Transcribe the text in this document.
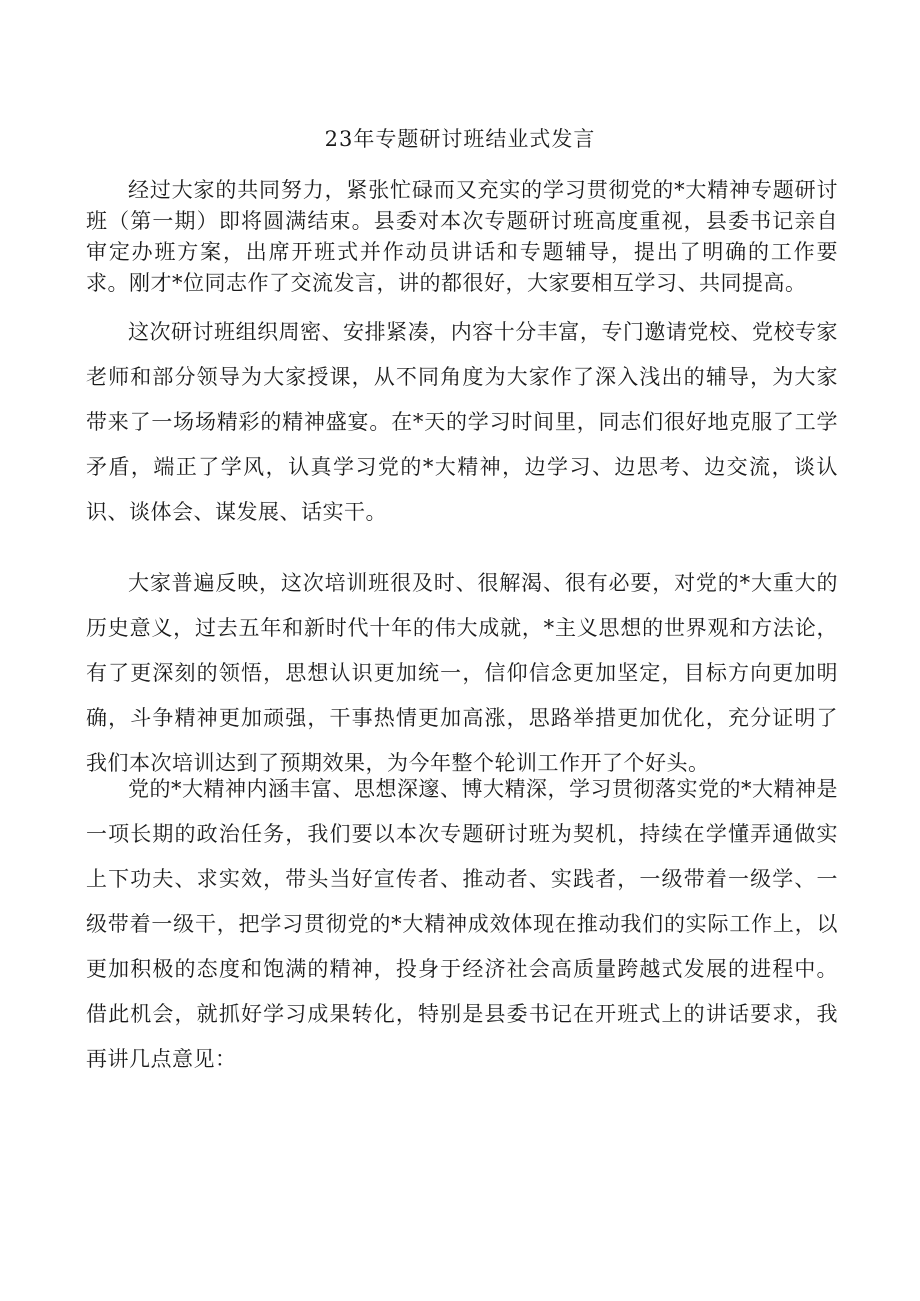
23年专题研讨班结业式发言

经过大家的共同努力，紧张忙碌而又充实的学习贯彻党的*大精神专题研讨班（第一期）即将圆满结束。县委对本次专题研讨班高度重视，县委书记亲自审定办班方案，出席开班式并作动员讲话和专题辅导，提出了明确的工作要求。刚才*位同志作了交流发言，讲的都很好，大家要相互学习、共同提高。

这次研讨班组织周密、安排紧凑，内容十分丰富，专门邀请党校、党校专家老师和部分领导为大家授课，从不同角度为大家作了深入浅出的辅导，为大家带来了一场场精彩的精神盛宴。在*天的学习时间里，同志们很好地克服了工学矛盾，端正了学风，认真学习党的*大精神，边学习、边思考、边交流，谈认识、谈体会、谋发展、话实干。

大家普遍反映，这次培训班很及时、很解渴、很有必要，对党的*大重大的历史意义，过去五年和新时代十年的伟大成就，*主义思想的世界观和方法论，有了更深刻的领悟，思想认识更加统一，信仰信念更加坚定，目标方向更加明确，斗争精神更加顽强，干事热情更加高涨，思路举措更加优化，充分证明了我们本次培训达到了预期效果，为今年整个轮训工作开了个好头。

党的*大精神内涵丰富、思想深邃、博大精深，学习贯彻落实党的*大精神是一项长期的政治任务，我们要以本次专题研讨班为契机，持续在学懂弄通做实上下功夫、求实效，带头当好宣传者、推动者、实践者，一级带着一级学、一级带着一级干，把学习贯彻党的*大精神成效体现在推动我们的实际工作上，以更加积极的态度和饱满的精神，投身于经济社会高质量跨越式发展的进程中。借此机会，就抓好学习成果转化，特别是县委书记在开班式上的讲话要求，我再讲几点意见：
